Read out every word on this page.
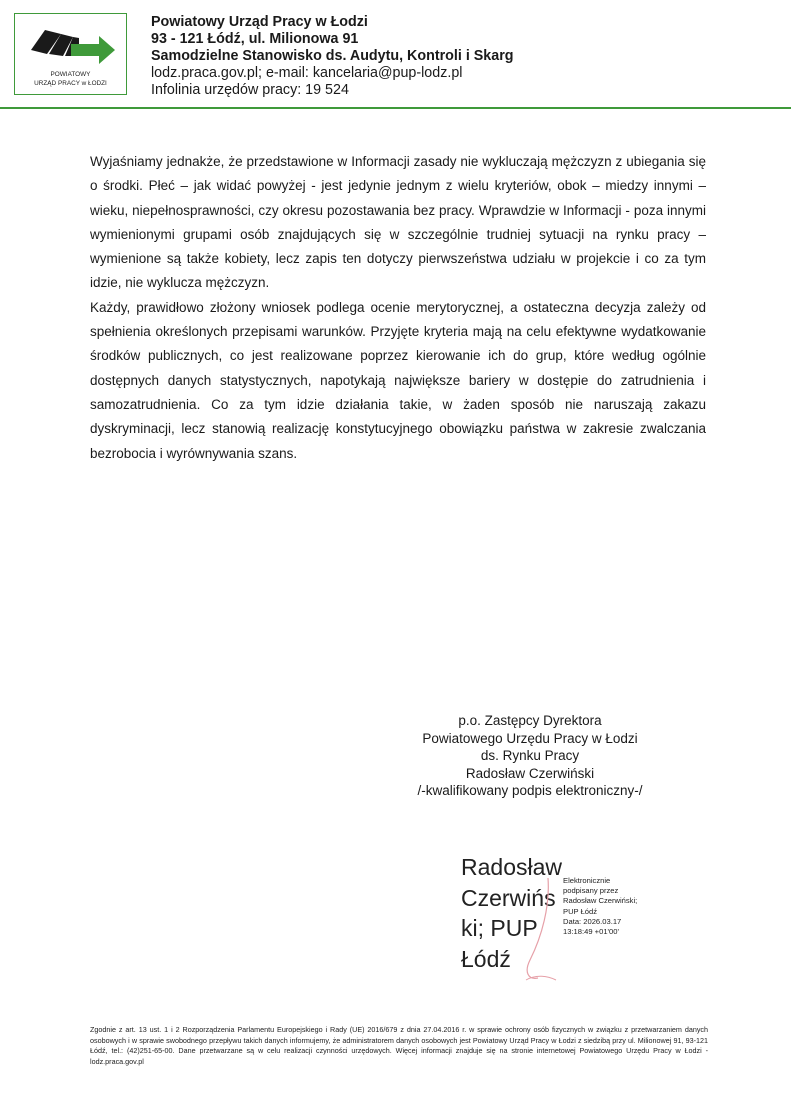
POWIATOWY
URZĄD PRACY w ŁODZI
Powiatowy Urząd Pracy w Łodzi
93 - 121 Łódź, ul. Milionowa 91
Samodzielne Stanowisko ds. Audytu, Kontroli i Skarg
lodz.praca.gov.pl; e-mail: kancelaria@pup-lodz.pl
Infolinia urzędów pracy: 19 524

Wyjaśniamy jednakże, że przedstawione w Informacji zasady nie wykluczają mężczyzn z ubiegania się o środki. Płeć – jak widać powyżej - jest jedynie jednym z wielu kryteriów, obok – miedzy innymi – wieku, niepełnosprawności, czy okresu pozostawania bez pracy. Wprawdzie w Informacji - poza innymi wymienionymi grupami osób znajdujących się w szczególnie trudniej sytuacji na rynku pracy – wymienione są także kobiety, lecz zapis ten dotyczy pierwszeństwa udziału w projekcie i co za tym idzie, nie wyklucza mężczyzn.

Każdy, prawidłowo złożony wniosek podlega ocenie merytorycznej, a ostateczna decyzja zależy od spełnienia określonych przepisami warunków. Przyjęte kryteria mają na celu efektywne wydatkowanie środków publicznych, co jest realizowane poprzez kierowanie ich do grup, które według ogólnie dostępnych danych statystycznych, napotykają największe bariery w dostępie do zatrudnienia i samozatrudnienia. Co za tym idzie działania takie, w żaden sposób nie naruszają zakazu dyskryminacji, lecz stanowią realizację konstytucyjnego obowiązku państwa w zakresie zwalczania bezrobocia i wyrównywania szans.

p.o. Zastępcy Dyrektora
Powiatowego Urzędu Pracy w Łodzi
ds. Rynku Pracy
Radosław Czerwiński
/-kwalifikowany podpis elektroniczny-/
Radosław
Czerwińs
ki; PUP
Łódź
Elektronicznie
podpisany przez
Radosław Czerwiński;
PUP Łódź
Data: 2026.03.17
13:18:49 +01'00'
Zgodnie z art. 13 ust. 1 i 2 Rozporządzenia Parlamentu Europejskiego i Rady (UE) 2016/679 z dnia 27.04.2016 r. w sprawie ochrony osób fizycznych w związku z przetwarzaniem danych osobowych i w sprawie swobodnego przepływu takich danych informujemy, że administratorem danych osobowych jest Powiatowy Urząd Pracy w Łodzi z siedzibą przy ul. Milionowej 91, 93-121 Łódź, tel.: (42)251-65-00. Dane przetwarzane są w celu realizacji czynności urzędowych. Więcej informacji znajduje się na stronie internetowej Powiatowego Urzędu Pracy w Łodzi - lodz.praca.gov.pl
